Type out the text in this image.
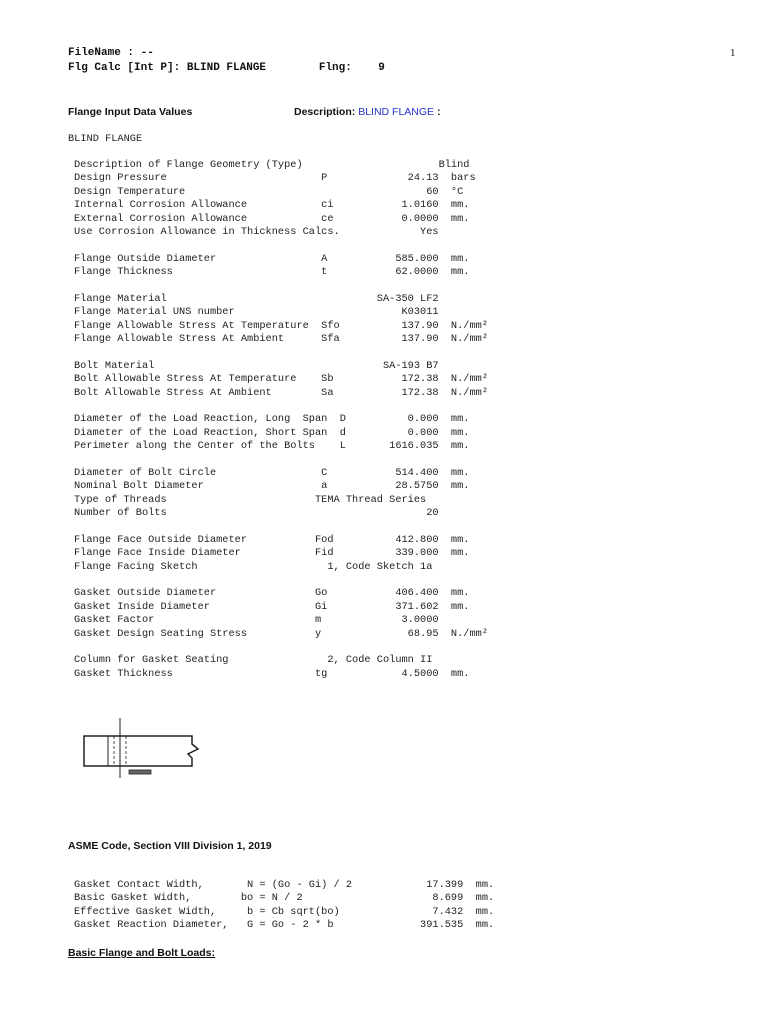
FileName : --
Flg Calc [Int P]: BLIND FLANGE        Flng:    9
1
Flange Input Data Values	Description: BLIND FLANGE :
BLIND FLANGE
Description of Flange Geometry (Type)                      Blind
Design Pressure                         P             24.13  bars
Design Temperature                                       60  °C
Internal Corrosion Allowance            ci           1.0160  mm.
External Corrosion Allowance            ce           0.0000  mm.
Use Corrosion Allowance in Thickness Calcs.             Yes
Flange Outside Diameter                 A           585.000  mm.
Flange Thickness                        t           62.0000  mm.
Flange Material                                  SA-350 LF2
Flange Material UNS number                           K03011
Flange Allowable Stress At Temperature  Sfo          137.90  N./mm²
Flange Allowable Stress At Ambient      Sfa          137.90  N./mm²
Bolt Material                                     SA-193 B7
Bolt Allowable Stress At Temperature    Sb           172.38  N./mm²
Bolt Allowable Stress At Ambient        Sa           172.38  N./mm²
Diameter of the Load Reaction, Long  Span  D          0.000  mm.
Diameter of the Load Reaction, Short Span  d          0.000  mm.
Perimeter along the Center of the Bolts    L       1616.035  mm.
Diameter of Bolt Circle                 C           514.400  mm.
Nominal Bolt Diameter                   a           28.5750  mm.
Type of Threads                        TEMA Thread Series
Number of Bolts                                          20
Flange Face Outside Diameter           Fod          412.800  mm.
Flange Face Inside Diameter            Fid          339.000  mm.
Flange Facing Sketch                     1, Code Sketch 1a
Gasket Outside Diameter                Go           406.400  mm.
Gasket Inside Diameter                 Gi           371.602  mm.
Gasket Factor                          m             3.0000
Gasket Design Seating Stress           y              68.95  N./mm²
Column for Gasket Seating                2, Code Column II
Gasket Thickness                       tg            4.5000  mm.
ASME Code, Section VIII Division 1, 2019
Gasket Contact Width,       N = (Go - Gi) / 2            17.399  mm.
Basic Gasket Width,        bo = N / 2                     8.699  mm.
Effective Gasket Width,     b = Cb sqrt(bo)               7.432  mm.
Gasket Reaction Diameter,   G = Go - 2 * b              391.535  mm.
Basic Flange and Bolt Loads:
